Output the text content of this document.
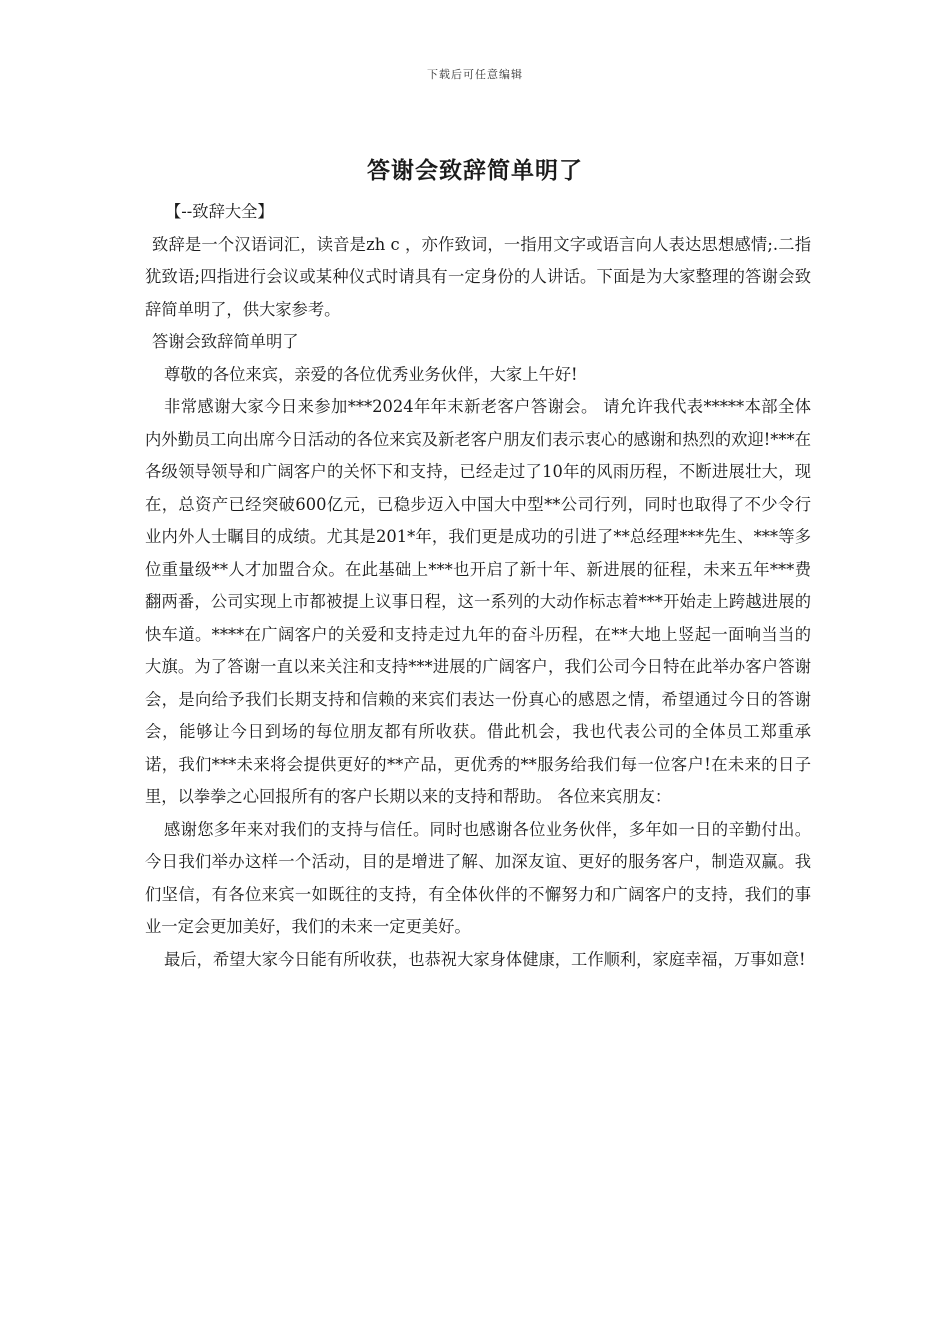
下载后可任意编辑
答谢会致辞简单明了

【--致辞大全】

致辞是一个汉语词汇，读音是zh c ，亦作致词，一指用文字或语言向人表达思想感情;.二指犹致语;四指进行会议或某种仪式时请具有一定身份的人讲话。下面是为大家整理的答谢会致辞简单明了，供大家参考。

答谢会致辞简单明了

尊敬的各位来宾，亲爱的各位优秀业务伙伴，大家上午好!

非常感谢大家今日来参加***2024年年末新老客户答谢会。 请允许我代表*****本部全体内外勤员工向出席今日活动的各位来宾及新老客户朋友们表示衷心的感谢和热烈的欢迎!***在各级领导领导和广阔客户的关怀下和支持，已经走过了10年的风雨历程，不断进展壮大，现在，总资产已经突破600亿元，已稳步迈入中国大中型**公司行列，同时也取得了不少令行业内外人士瞩目的成绩。尤其是201*年，我们更是成功的引进了**总经理***先生、***等多位重量级**人才加盟合众。在此基础上***也开启了新十年、新进展的征程，未来五年***费翻两番，公司实现上市都被提上议事日程，这一系列的大动作标志着***开始走上跨越进展的快车道。****在广阔客户的关爱和支持走过九年的奋斗历程，在**大地上竖起一面响当当的大旗。为了答谢一直以来关注和支持***进展的广阔客户，我们公司今日特在此举办客户答谢会，是向给予我们长期支持和信赖的来宾们表达一份真心的感恩之情，希望通过今日的答谢会，能够让今日到场的每位朋友都有所收获。借此机会，我也代表公司的全体员工郑重承诺，我们***未来将会提供更好的**产品，更优秀的**服务给我们每一位客户!在未来的日子里，以拳拳之心回报所有的客户长期以来的支持和帮助。 各位来宾朋友：

感谢您多年来对我们的支持与信任。同时也感谢各位业务伙伴，多年如一日的辛勤付出。今日我们举办这样一个活动，目的是增进了解、加深友谊、更好的服务客户，制造双赢。我们坚信，有各位来宾一如既往的支持，有全体伙伴的不懈努力和广阔客户的支持，我们的事业一定会更加美好，我们的未来一定更美好。

最后，希望大家今日能有所收获，也恭祝大家身体健康，工作顺利，家庭幸福，万事如意!
